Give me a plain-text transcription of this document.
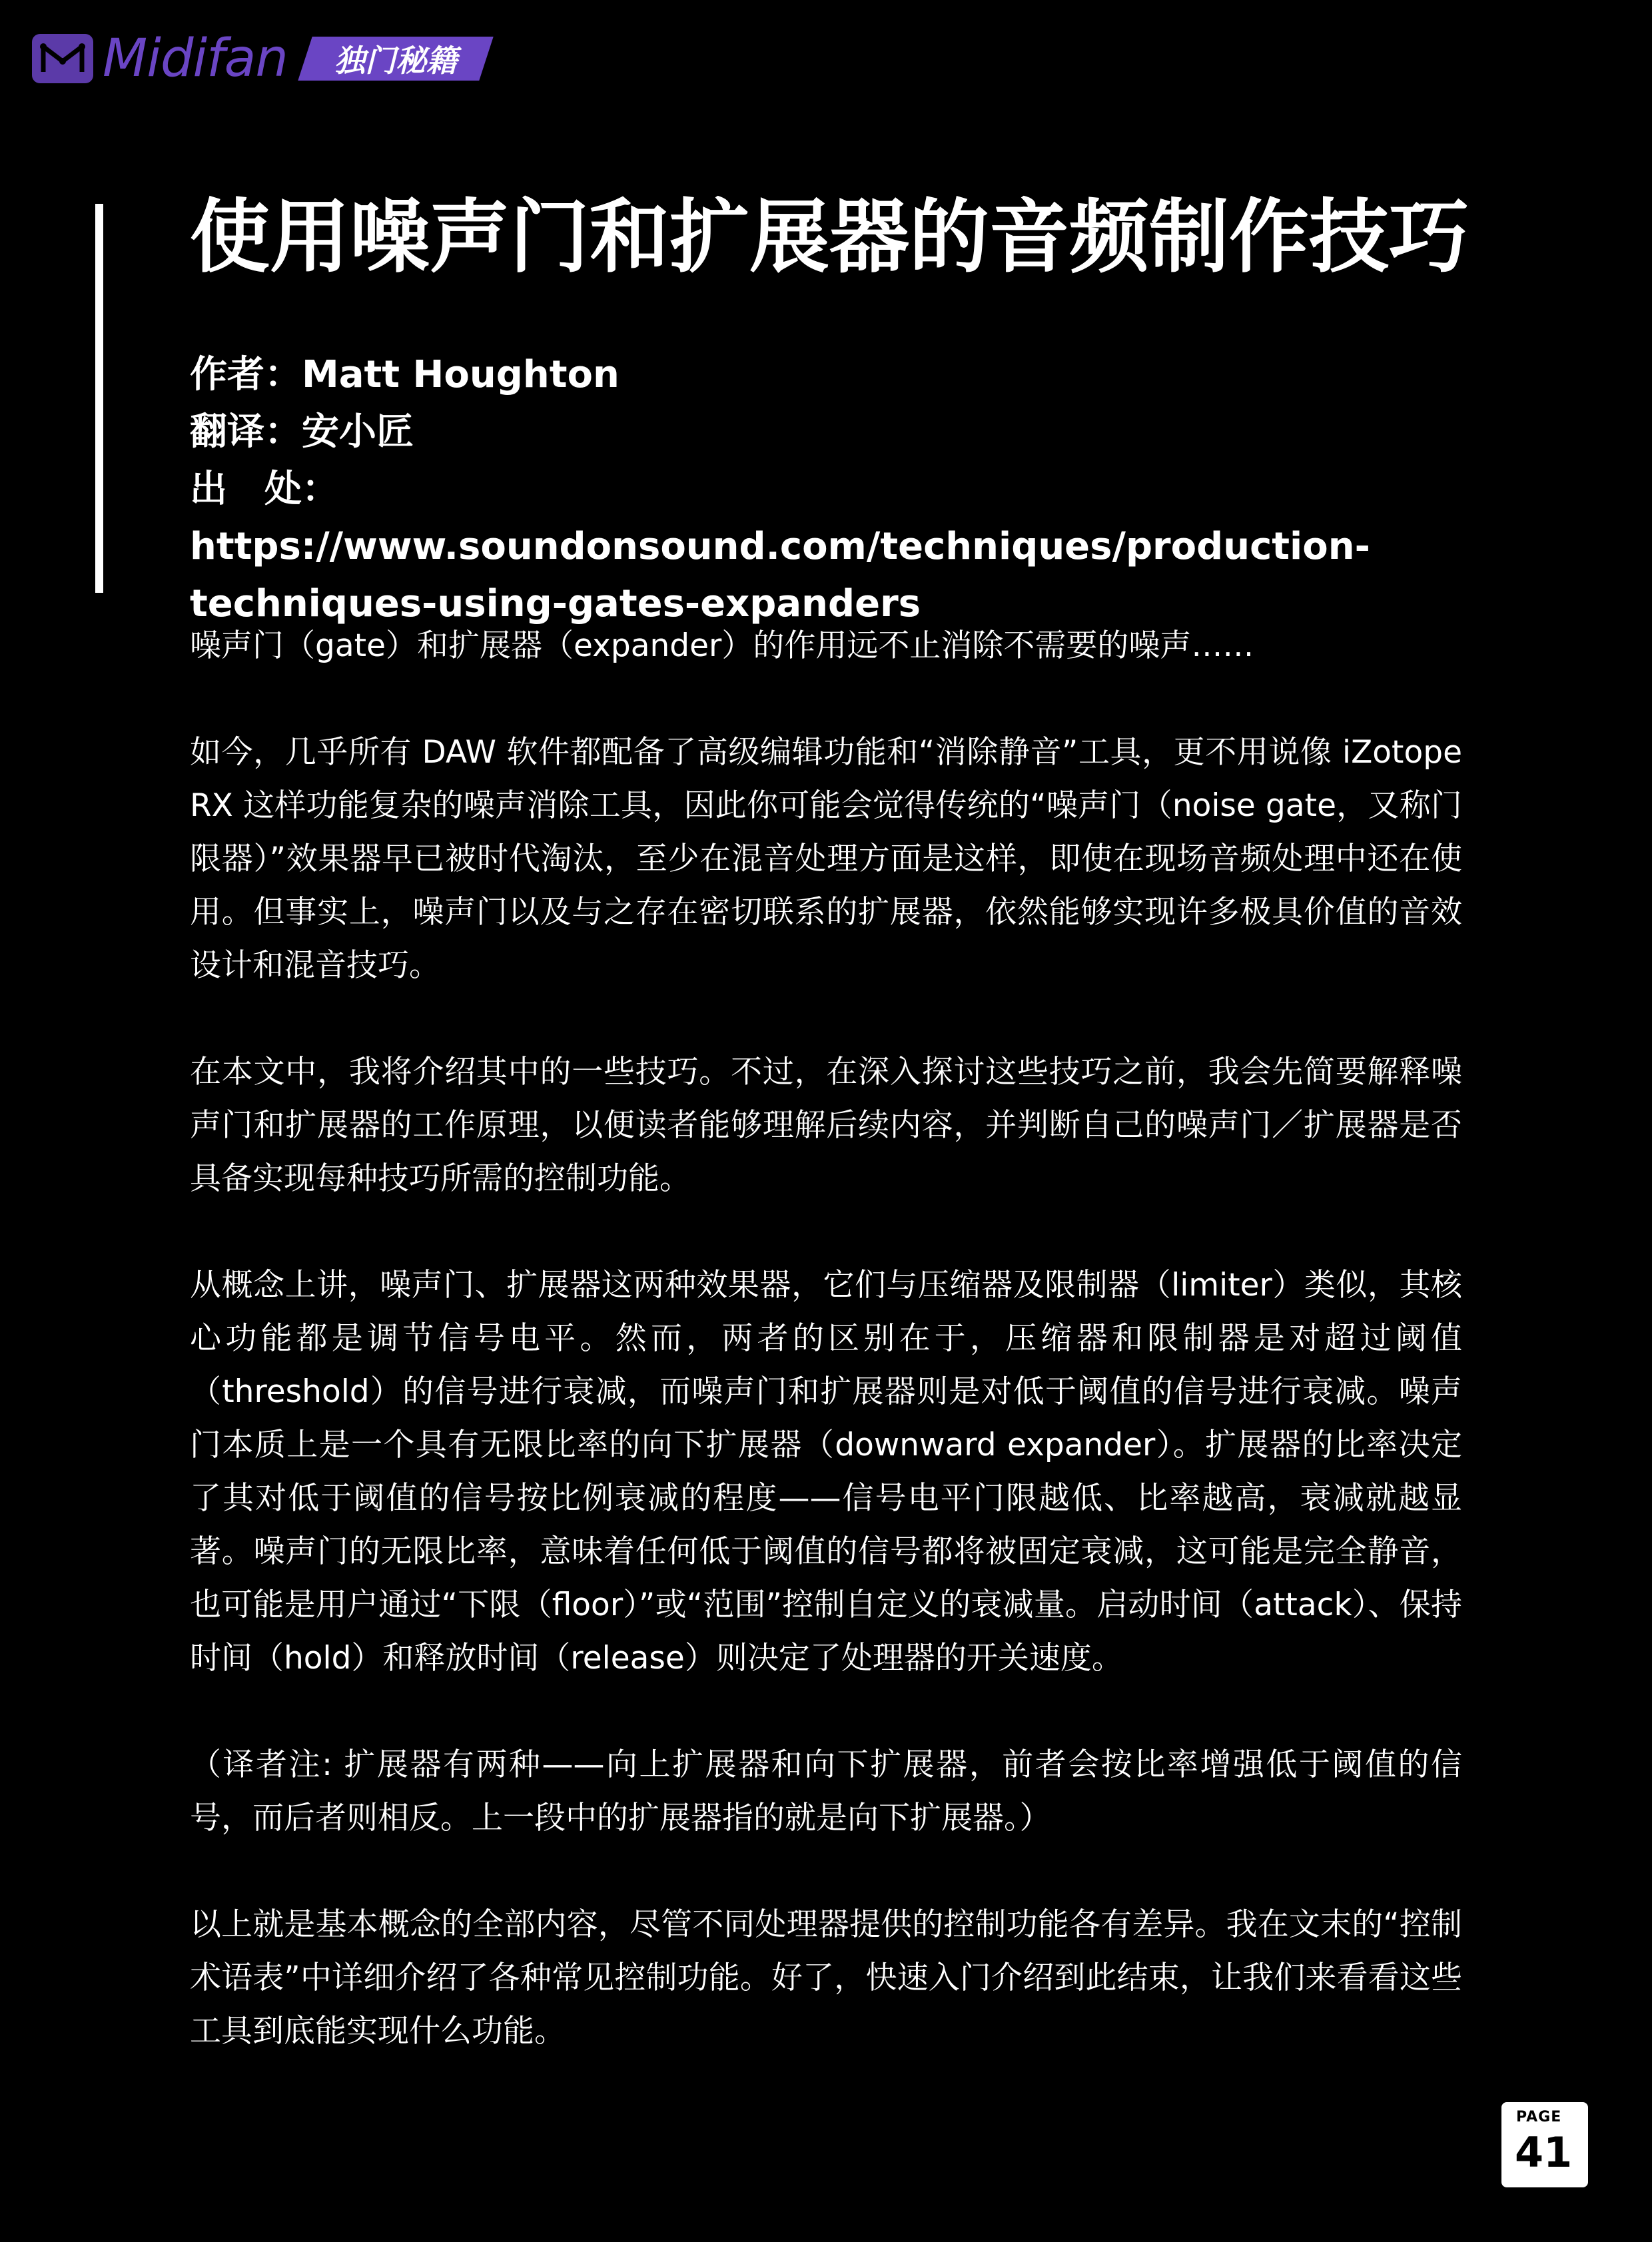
Midifan 独门秘籍
使用噪声门和扩展器的音频制作技巧
作者：Matt Houghton
翻译：安小匠
出　处：https://www.soundonsound.com/techniques/production-
techniques-using-gates-expanders

噪声门（gate）和扩展器（expander）的作用远不止消除不需要的噪声……

如今，几乎所有 DAW 软件都配备了高级编辑功能和“消除静音”工具，更不用说像 iZotope RX 这样功能复杂的噪声消除工具，因此你可能会觉得传统的“噪声门（noise gate，又称门限器）”效果器早已被时代淘汰，至少在混音处理方面是这样，即使在现场音频处理中还在使用。但事实上，噪声门以及与之存在密切联系的扩展器，依然能够实现许多极具价值的音效设计和混音技巧。

在本文中，我将介绍其中的一些技巧。不过，在深入探讨这些技巧之前，我会先简要解释噪声门和扩展器的工作原理，以便读者能够理解后续内容，并判断自己的噪声门／扩展器是否具备实现每种技巧所需的控制功能。

从概念上讲，噪声门、扩展器这两种效果器，它们与压缩器及限制器（limiter）类似，其核心功能都是调节信号电平。然而，两者的区别在于，压缩器和限制器是对超过阈值（threshold）的信号进行衰减，而噪声门和扩展器则是对低于阈值的信号进行衰减。噪声门本质上是一个具有无限比率的向下扩展器（downward expander）。扩展器的比率决定了其对低于阈值的信号按比例衰减的程度——信号电平门限越低、比率越高，衰减就越显著。噪声门的无限比率，意味着任何低于阈值的信号都将被固定衰减，这可能是完全静音，也可能是用户通过“下限（floor）”或“范围”控制自定义的衰减量。启动时间（attack）、保持时间（hold）和释放时间（release）则决定了处理器的开关速度。

（译者注: 扩展器有两种——向上扩展器和向下扩展器，前者会按比率增强低于阈值的信号，而后者则相反。上一段中的扩展器指的就是向下扩展器。）

以上就是基本概念的全部内容，尽管不同处理器提供的控制功能各有差异。我在文末的“控制术语表”中详细介绍了各种常见控制功能。好了，快速入门介绍到此结束，让我们来看看这些工具到底能实现什么功能。

PAGE
41
